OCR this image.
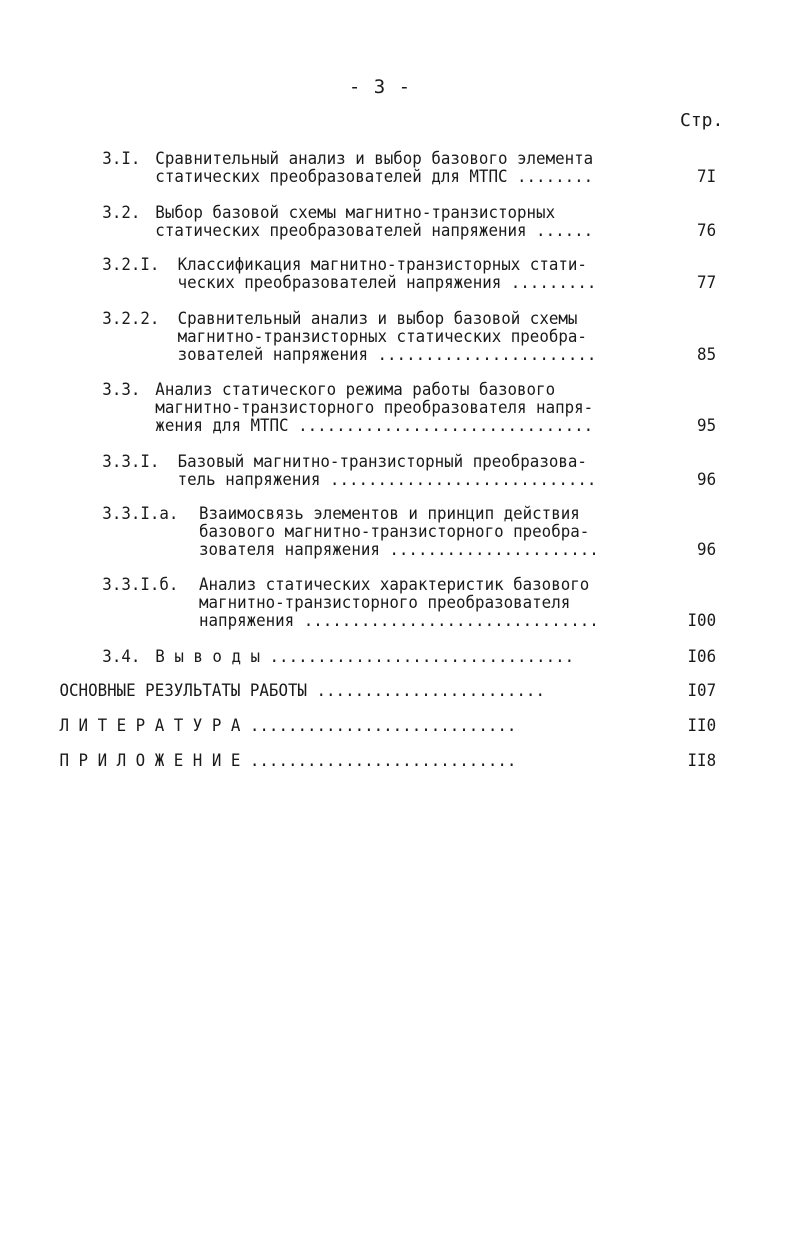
- 3 -
Стр.
3.I. Сравнительный анализ и выбор базового элемента
статических преобразователей для МТПС ........	7I
3.2. Выбор базовой схемы магнитно-транзисторных
статических преобразователей напряжения ......	76
3.2.I. Классификация магнитно-транзисторных стати-
ческих преобразователей напряжения .........	77
3.2.2. Сравнительный анализ и выбор базовой схемы
магнитно-транзисторных статических преобра-
зователей напряжения .......................	85
3.3. Анализ статического режима работы базового
магнитно-транзисторного преобразователя напря-
жения для МТПС ...............................	95
3.3.I. Базовый магнитно-транзисторный преобразова-
тель напряжения ............................	96
3.3.I.а. Взаимосвязь элементов и принцип действия
базового магнитно-транзисторного преобра-
зователя напряжения ......................	96
3.3.I.б. Анализ статических характеристик базового
магнитно-транзисторного преобразователя
напряжения ...............................	I00
3.4. В ы в о д ы ................................	I06
ОСНОВНЫЕ РЕЗУЛЬТАТЫ РАБОТЫ ........................	I07
Л И Т Е Р А Т У Р А ............................	II0
П Р И Л О Ж Е Н И Е ............................	II8
